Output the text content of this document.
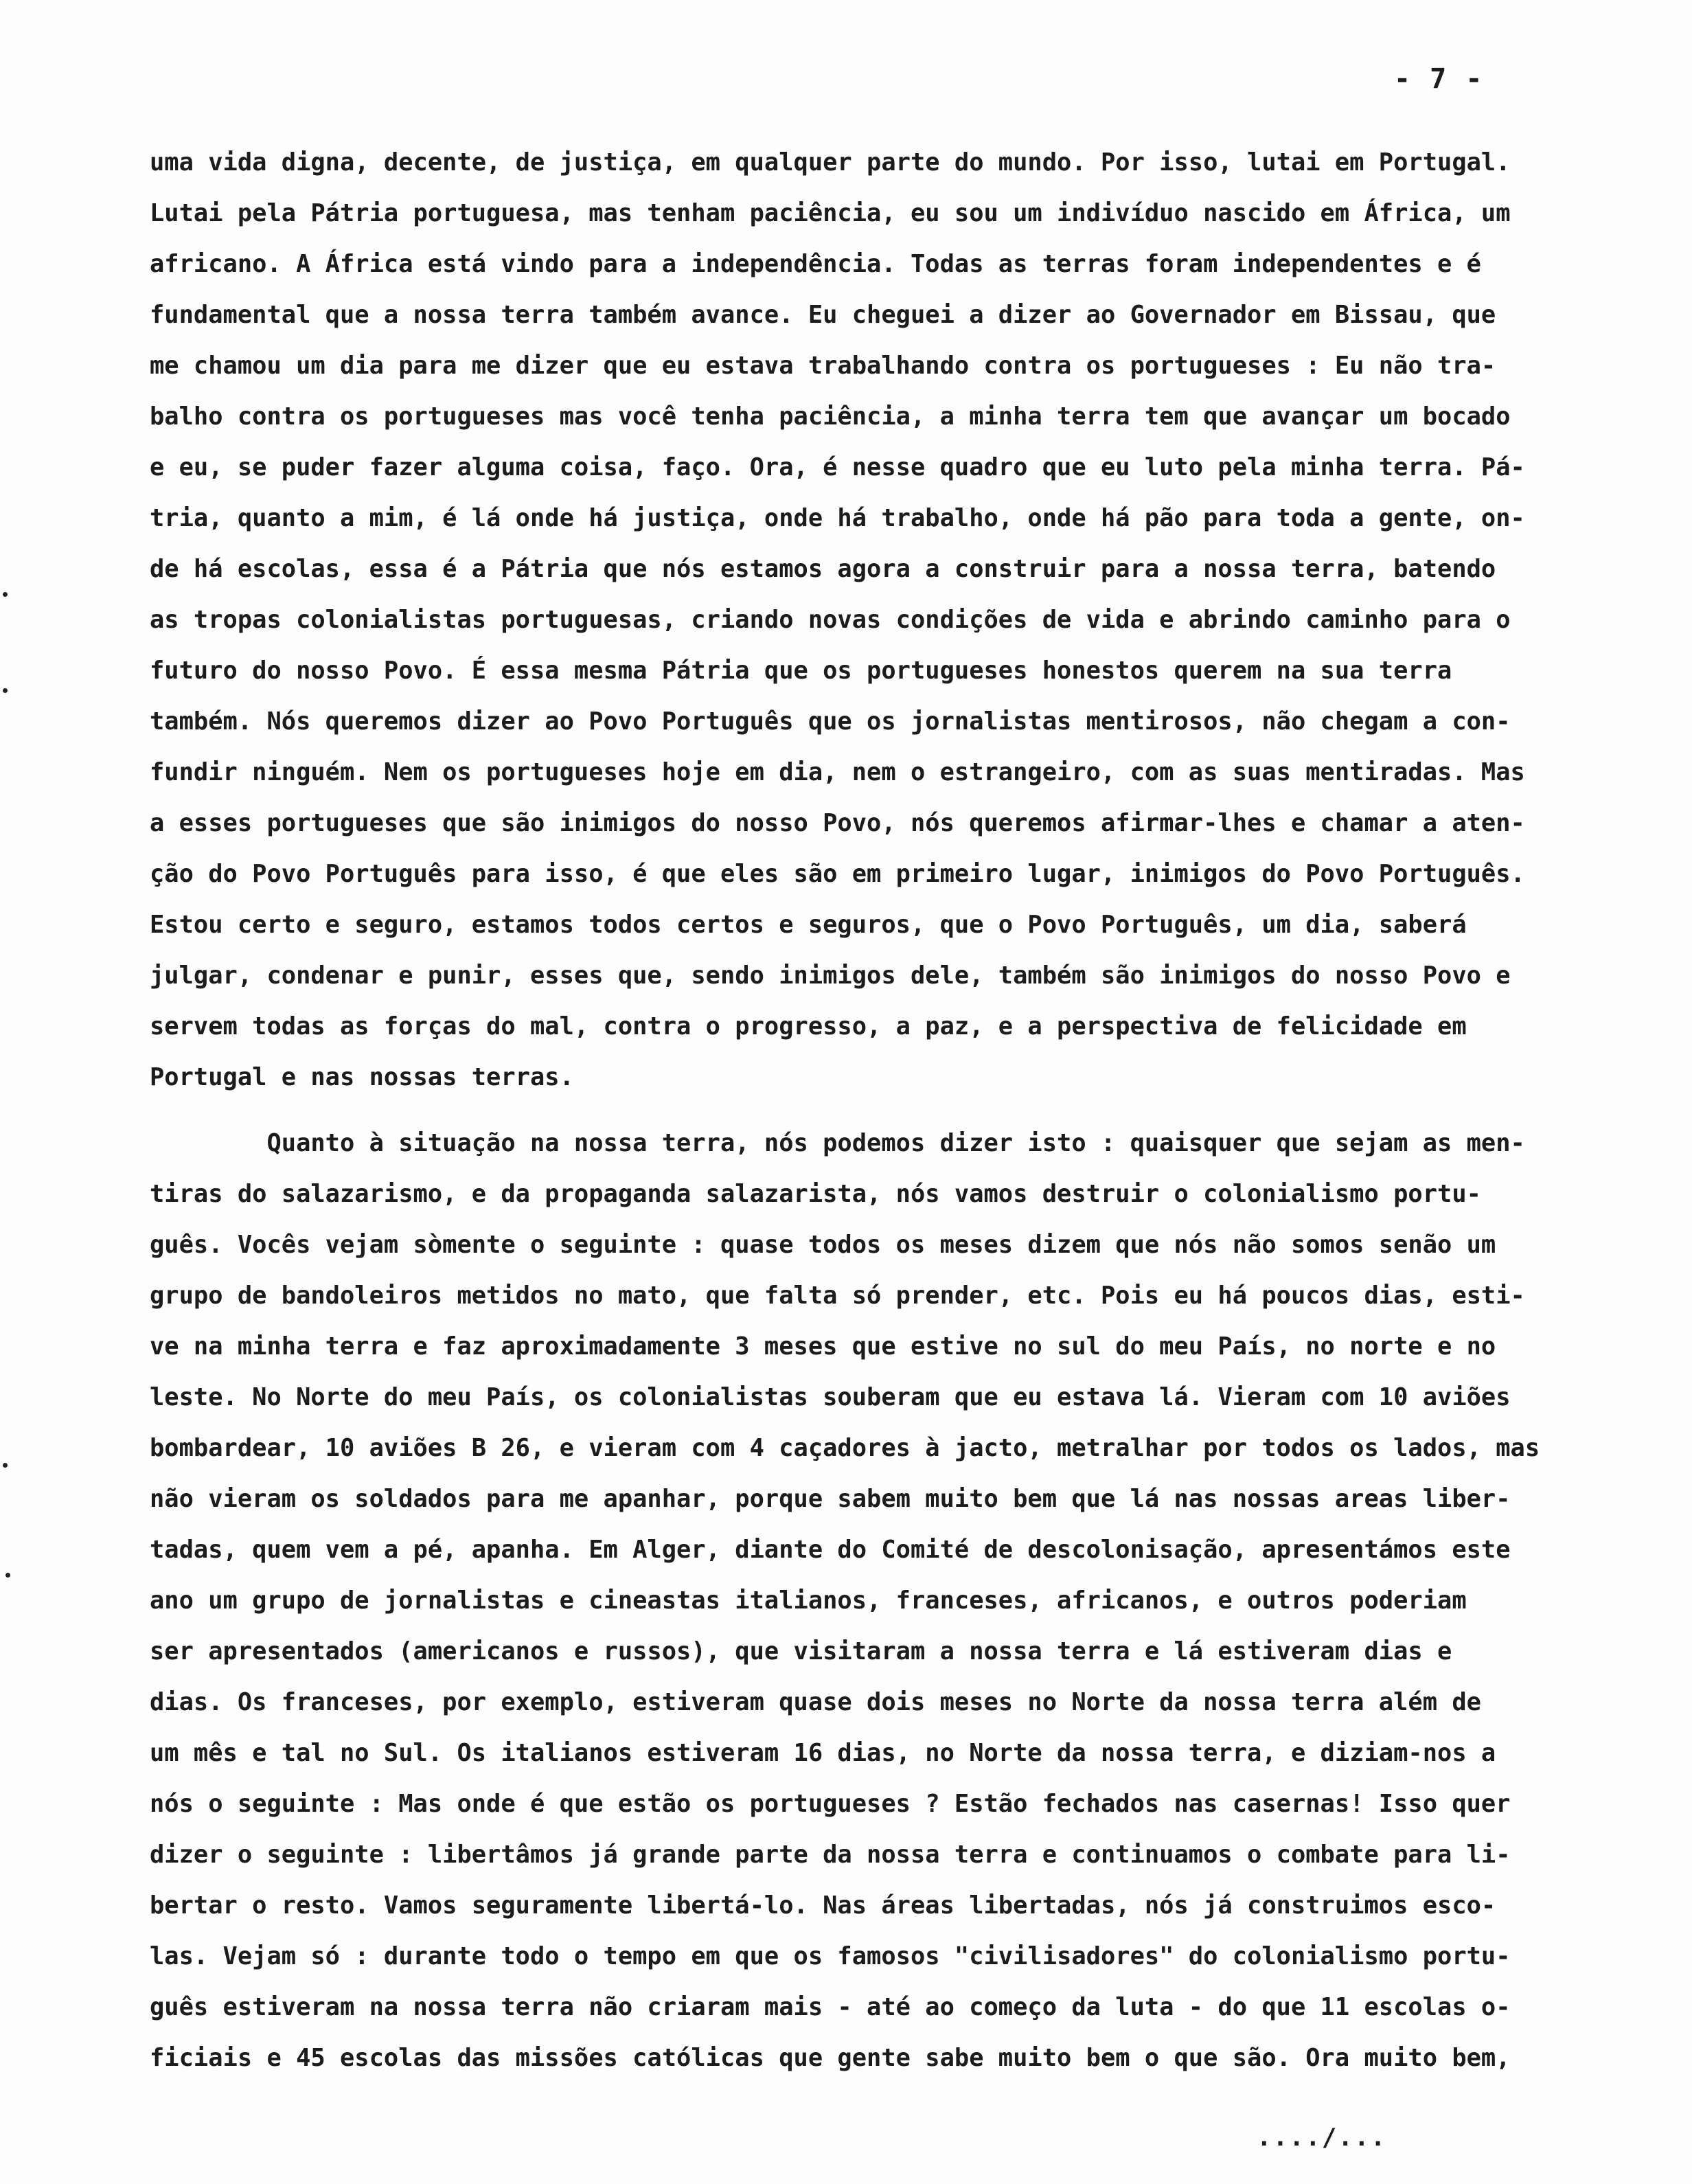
- 7 -
uma vida digna, decente, de justiça, em qualquer parte do mundo. Por isso, lutai em Portugal.
Lutai pela Pátria portuguesa, mas tenham paciência, eu sou um indivíduo nascido em África, um
africano. A África está vindo para a independência. Todas as terras foram independentes e é
fundamental que a nossa terra também avance. Eu cheguei a dizer ao Governador em Bissau, que
me chamou um dia para me dizer que eu estava trabalhando contra os portugueses : Eu não tra-
balho contra os portugueses mas você tenha paciência, a minha terra tem que avançar um bocado
e eu, se puder fazer alguma coisa, faço. Ora, é nesse quadro que eu luto pela minha terra. Pá-
tria, quanto a mim, é lá onde há justiça, onde há trabalho, onde há pão para toda a gente, on-
de há escolas, essa é a Pátria que nós estamos agora a construir para a nossa terra, batendo
as tropas colonialistas portuguesas, criando novas condições de vida e abrindo caminho para o
futuro do nosso Povo. É essa mesma Pátria que os portugueses honestos querem na sua terra
também. Nós queremos dizer ao Povo Português que os jornalistas mentirosos, não chegam a con-
fundir ninguém. Nem os portugueses hoje em dia, nem o estrangeiro, com as suas mentiradas. Mas
a esses portugueses que são inimigos do nosso Povo, nós queremos afirmar-lhes e chamar a aten-
ção do Povo Português para isso, é que eles são em primeiro lugar, inimigos do Povo Português.
Estou certo e seguro, estamos todos certos e seguros, que o Povo Português, um dia, saberá
julgar, condenar e punir, esses que, sendo inimigos dele, também são inimigos do nosso Povo e
servem todas as forças do mal, contra o progresso, a paz, e a perspectiva de felicidade em
Portugal e nas nossas terras.
Quanto à situação na nossa terra, nós podemos dizer isto : quaisquer que sejam as men-
tiras do salazarismo, e da propaganda salazarista, nós vamos destruir o colonialismo portu-
guês. Vocês vejam sòmente o seguinte : quase todos os meses dizem que nós não somos senão um
grupo de bandoleiros metidos no mato, que falta só prender, etc. Pois eu há poucos dias, esti-
ve na minha terra e faz aproximadamente 3 meses que estive no sul do meu País, no norte e no
leste. No Norte do meu País, os colonialistas souberam que eu estava lá. Vieram com 10 aviões
bombardear, 10 aviões B 26, e vieram com 4 caçadores à jacto, metralhar por todos os lados, mas
não vieram os soldados para me apanhar, porque sabem muito bem que lá nas nossas areas liber-
tadas, quem vem a pé, apanha. Em Alger, diante do Comité de descolonisação, apresentámos este
ano um grupo de jornalistas e cineastas italianos, franceses, africanos, e outros poderiam
ser apresentados (americanos e russos), que visitaram a nossa terra e lá estiveram dias e
dias. Os franceses, por exemplo, estiveram quase dois meses no Norte da nossa terra além de
um mês e tal no Sul. Os italianos estiveram 16 dias, no Norte da nossa terra, e diziam-nos a
nós o seguinte : Mas onde é que estão os portugueses ? Estão fechados nas casernas! Isso quer
dizer o seguinte : libertâmos já grande parte da nossa terra e continuamos o combate para li-
bertar o resto. Vamos seguramente libertá-lo. Nas áreas libertadas, nós já construimos esco-
las. Vejam só : durante todo o tempo em que os famosos "civilisadores" do colonialismo portu-
guês estiveram na nossa terra não criaram mais - até ao começo da luta - do que 11 escolas o-
ficiais e 45 escolas das missões católicas que gente sabe muito bem o que são. Ora muito bem,
..../...
